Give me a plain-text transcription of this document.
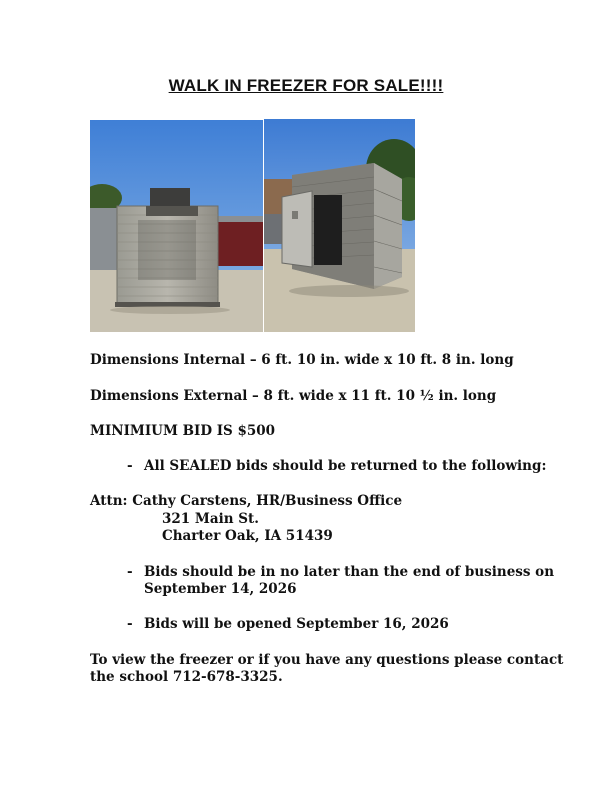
WALK IN FREEZER FOR SALE!!!!
Dimensions Internal – 6 ft. 10 in. wide x 10 ft. 8 in. long
Dimensions External – 8 ft. wide x 11 ft. 10 ½ in. long
MINIMIUM BID IS $500
- All SEALED bids should be returned to the following:
Attn: Cathy Carstens, HR/Business Office
321 Main St.
Charter Oak, IA 51439
- Bids should be in no later than the end of business on
September 14, 2026
- Bids will be opened September 16, 2026
To view the freezer or if you have any questions please contact
the school 712-678-3325.
